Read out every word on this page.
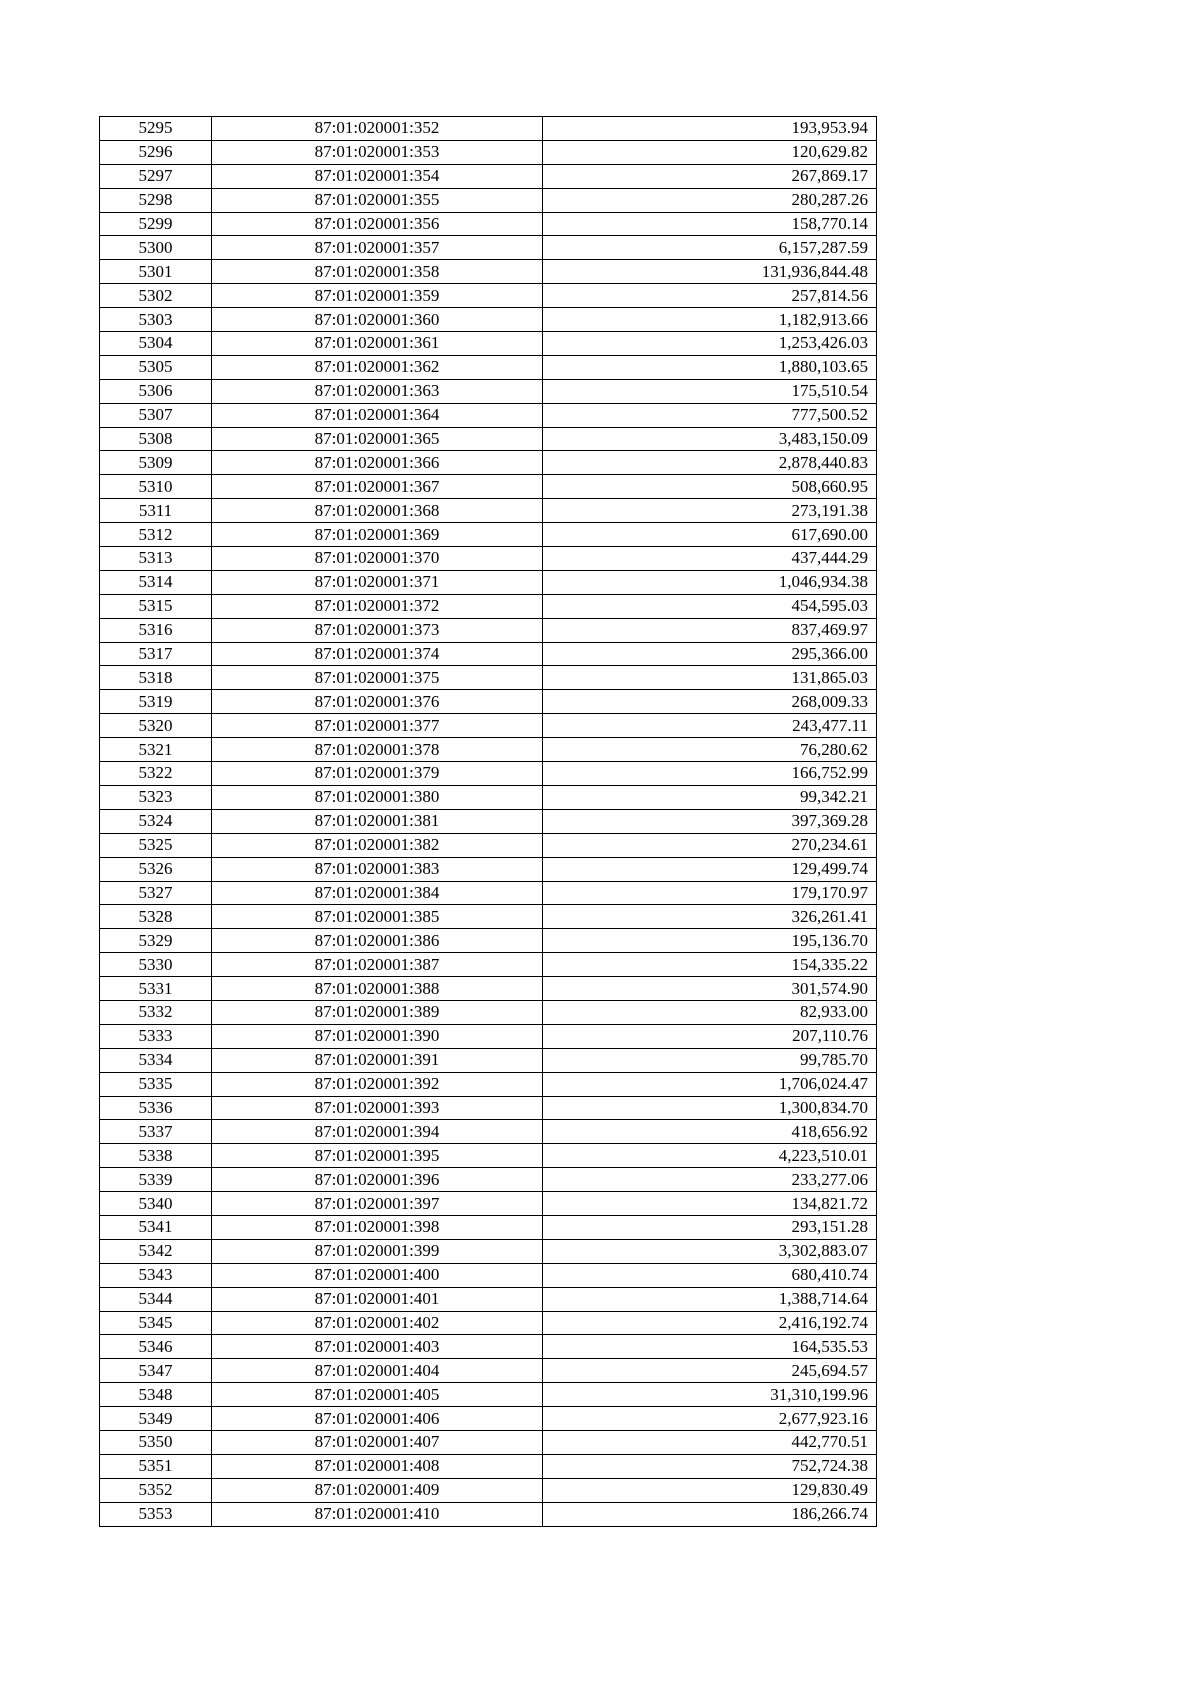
5295	87:01:020001:352	193,953.94
5296	87:01:020001:353	120,629.82
5297	87:01:020001:354	267,869.17
5298	87:01:020001:355	280,287.26
5299	87:01:020001:356	158,770.14
5300	87:01:020001:357	6,157,287.59
5301	87:01:020001:358	131,936,844.48
5302	87:01:020001:359	257,814.56
5303	87:01:020001:360	1,182,913.66
5304	87:01:020001:361	1,253,426.03
5305	87:01:020001:362	1,880,103.65
5306	87:01:020001:363	175,510.54
5307	87:01:020001:364	777,500.52
5308	87:01:020001:365	3,483,150.09
5309	87:01:020001:366	2,878,440.83
5310	87:01:020001:367	508,660.95
5311	87:01:020001:368	273,191.38
5312	87:01:020001:369	617,690.00
5313	87:01:020001:370	437,444.29
5314	87:01:020001:371	1,046,934.38
5315	87:01:020001:372	454,595.03
5316	87:01:020001:373	837,469.97
5317	87:01:020001:374	295,366.00
5318	87:01:020001:375	131,865.03
5319	87:01:020001:376	268,009.33
5320	87:01:020001:377	243,477.11
5321	87:01:020001:378	76,280.62
5322	87:01:020001:379	166,752.99
5323	87:01:020001:380	99,342.21
5324	87:01:020001:381	397,369.28
5325	87:01:020001:382	270,234.61
5326	87:01:020001:383	129,499.74
5327	87:01:020001:384	179,170.97
5328	87:01:020001:385	326,261.41
5329	87:01:020001:386	195,136.70
5330	87:01:020001:387	154,335.22
5331	87:01:020001:388	301,574.90
5332	87:01:020001:389	82,933.00
5333	87:01:020001:390	207,110.76
5334	87:01:020001:391	99,785.70
5335	87:01:020001:392	1,706,024.47
5336	87:01:020001:393	1,300,834.70
5337	87:01:020001:394	418,656.92
5338	87:01:020001:395	4,223,510.01
5339	87:01:020001:396	233,277.06
5340	87:01:020001:397	134,821.72
5341	87:01:020001:398	293,151.28
5342	87:01:020001:399	3,302,883.07
5343	87:01:020001:400	680,410.74
5344	87:01:020001:401	1,388,714.64
5345	87:01:020001:402	2,416,192.74
5346	87:01:020001:403	164,535.53
5347	87:01:020001:404	245,694.57
5348	87:01:020001:405	31,310,199.96
5349	87:01:020001:406	2,677,923.16
5350	87:01:020001:407	442,770.51
5351	87:01:020001:408	752,724.38
5352	87:01:020001:409	129,830.49
5353	87:01:020001:410	186,266.74
